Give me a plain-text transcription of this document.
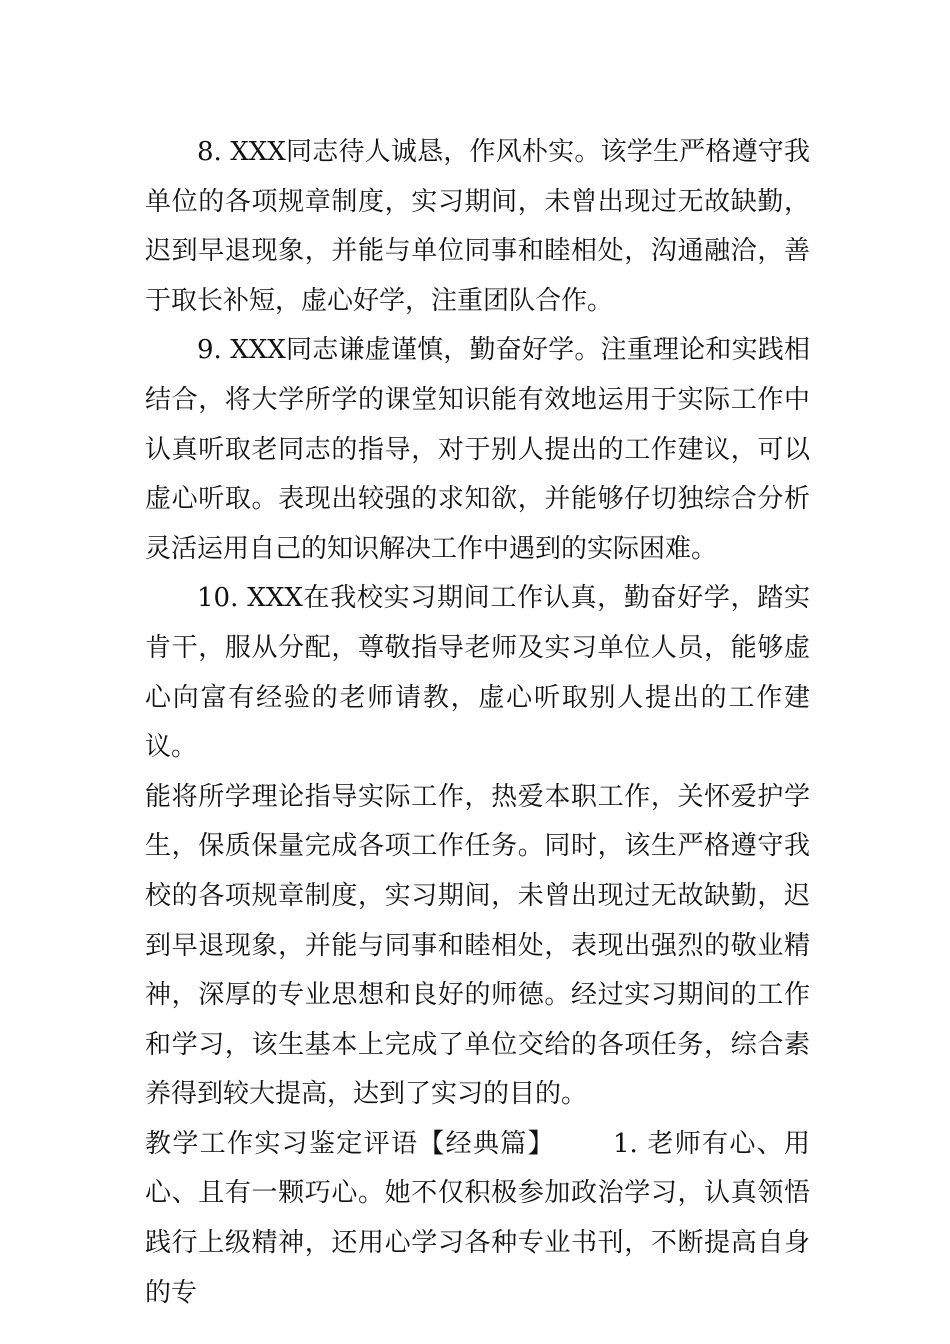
8. XXX同志待人诚恳，作风朴实。该学生严格遵守我单位的各项规章制度，实习期间，未曾出现过无故缺勤，迟到早退现象，并能与单位同事和睦相处，沟通融洽，善于取长补短，虚心好学，注重团队合作。

9. XXX同志谦虚谨慎，勤奋好学。注重理论和实践相结合，将大学所学的课堂知识能有效地运用于实际工作中认真听取老同志的指导，对于别人提出的工作建议，可以虚心听取。表现出较强的求知欲，并能够仔切独综合分析灵活运用自己的知识解决工作中遇到的实际困难。

10. XXX在我校实习期间工作认真，勤奋好学，踏实肯干，服从分配，尊敬指导老师及实习单位人员，能够虚心向富有经验的老师请教，虚心听取别人提出的工作建议。

能将所学理论指导实际工作，热爱本职工作，关怀爱护学生，保质保量完成各项工作任务。同时，该生严格遵守我校的各项规章制度，实习期间，未曾出现过无故缺勤，迟到早退现象，并能与同事和睦相处，表现出强烈的敬业精神，深厚的专业思想和良好的师德。经过实习期间的工作和学习，该生基本上完成了单位交给的各项任务，综合素养得到较大提高，达到了实习的目的。

教学工作实习鉴定评语【经典篇】 1. 老师有心、用心、且有一颗巧心。她不仅积极参加政治学习，认真领悟践行上级精神，还用心学习各种专业书刊，不断提高自身的专
